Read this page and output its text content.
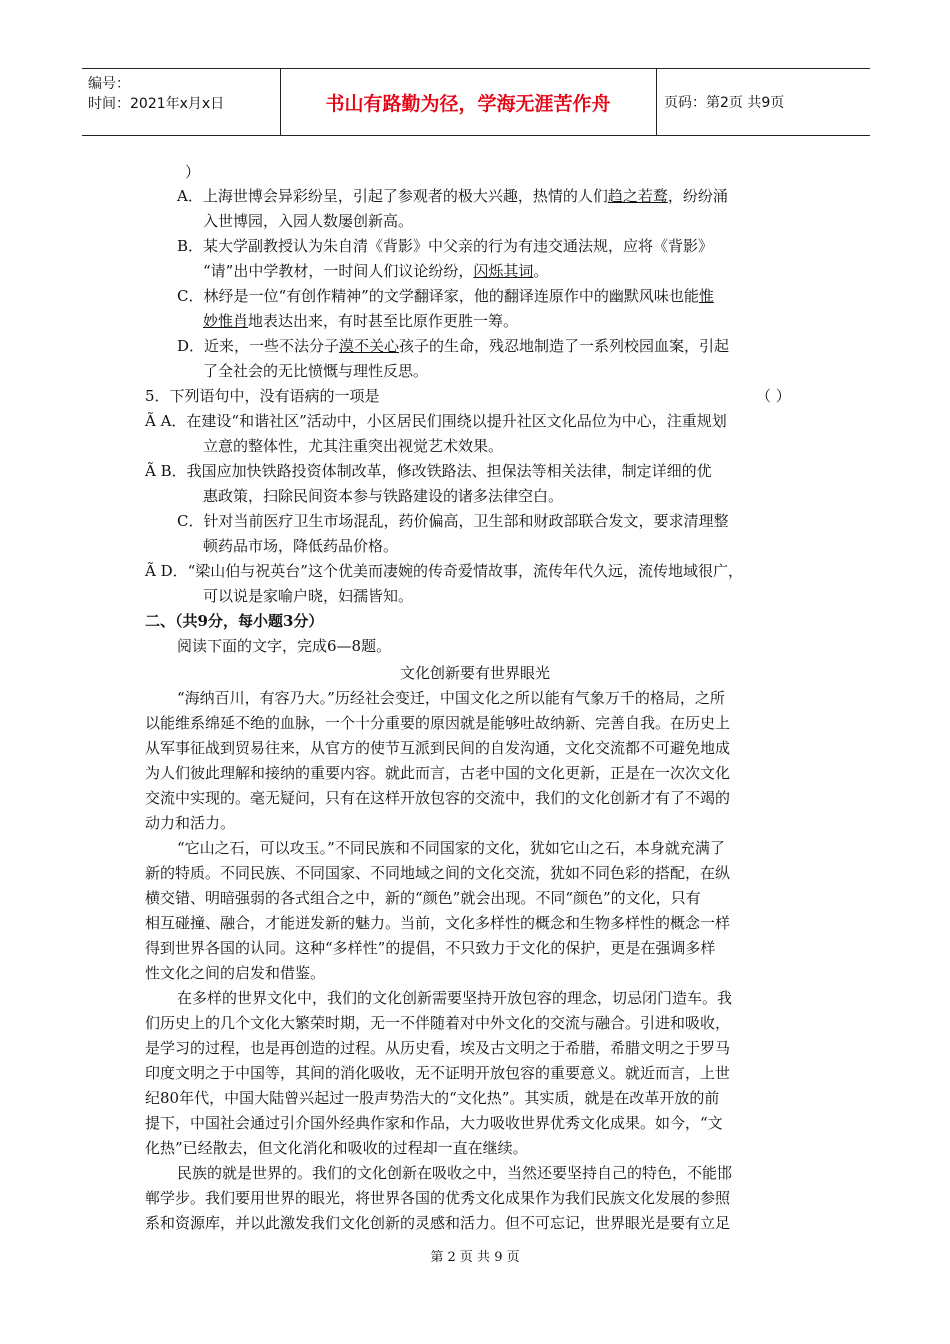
编号：
时间：2021年x月x日	书山有路勤为径，学海无涯苦作舟	页码：第2页 共9页
）
A．上海世博会异彩纷呈，引起了参观者的极大兴趣，热情的人们趋之若鹜，纷纷涌
入世博园，入园人数屡创新高。
B．某大学副教授认为朱自清《背影》中父亲的行为有违交通法规，应将《背影》
“请”出中学教材，一时间人们议论纷纷，闪烁其词。
C．林纾是一位“有创作精神”的文学翻译家，他的翻译连原作中的幽默风味也能惟
妙惟肖地表达出来，有时甚至比原作更胜一筹。
D．近来，一些不法分子漠不关心孩子的生命，残忍地制造了一系列校园血案，引起
了全社会的无比愤慨与理性反思。
5．下列语句中，没有语病的一项是	（ ）
Ã A．在建设“和谐社区”活动中，小区居民们围绕以提升社区文化品位为中心，注重规划
立意的整体性，尤其注重突出视觉艺术效果。
Ã B．我国应加快铁路投资体制改革，修改铁路法、担保法等相关法律，制定详细的优
惠政策，扫除民间资本参与铁路建设的诸多法律空白。
C．针对当前医疗卫生市场混乱，药价偏高，卫生部和财政部联合发文，要求清理整
顿药品市场，降低药品价格。
Ã D．“梁山伯与祝英台”这个优美而凄婉的传奇爱情故事，流传年代久远，流传地域很广，
可以说是家喻户晓，妇孺皆知。
二、（共9分，每小题3分）
阅读下面的文字，完成6—8题。
文化创新要有世界眼光
“海纳百川，有容乃大。”历经社会变迁，中国文化之所以能有气象万千的格局，之所
以能维系绵延不绝的血脉，一个十分重要的原因就是能够吐故纳新、完善自我。在历史上
从军事征战到贸易往来，从官方的使节互派到民间的自发沟通，文化交流都不可避免地成
为人们彼此理解和接纳的重要内容。就此而言，古老中国的文化更新，正是在一次次文化
交流中实现的。毫无疑问，只有在这样开放包容的交流中，我们的文化创新才有了不竭的
动力和活力。
“它山之石，可以攻玉。”不同民族和不同国家的文化，犹如它山之石，本身就充满了
新的特质。不同民族、不同国家、不同地域之间的文化交流，犹如不同色彩的搭配，在纵
横交错、明暗强弱的各式组合之中，新的“颜色”就会出现。不同“颜色”的文化，只有
相互碰撞、融合，才能迸发新的魅力。当前，文化多样性的概念和生物多样性的概念一样
得到世界各国的认同。这种“多样性”的提倡，不只致力于文化的保护，更是在强调多样
性文化之间的启发和借鉴。
在多样的世界文化中，我们的文化创新需要坚持开放包容的理念，切忌闭门造车。我
们历史上的几个文化大繁荣时期，无一不伴随着对中外文化的交流与融合。引进和吸收，
是学习的过程，也是再创造的过程。从历史看，埃及古文明之于希腊，希腊文明之于罗马
印度文明之于中国等，其间的消化吸收，无不证明开放包容的重要意义。就近而言，上世
纪80年代，中国大陆曾兴起过一股声势浩大的“文化热”。其实质，就是在改革开放的前
提下，中国社会通过引介国外经典作家和作品，大力吸收世界优秀文化成果。如今，“文
化热”已经散去，但文化消化和吸收的过程却一直在继续。
民族的就是世界的。我们的文化创新在吸收之中，当然还要坚持自己的特色，不能邯
郸学步。我们要用世界的眼光，将世界各国的优秀文化成果作为我们民族文化发展的参照
系和资源库，并以此激发我们文化创新的灵感和活力。但不可忘记，世界眼光是要有立足
第 2 页 共 9 页
